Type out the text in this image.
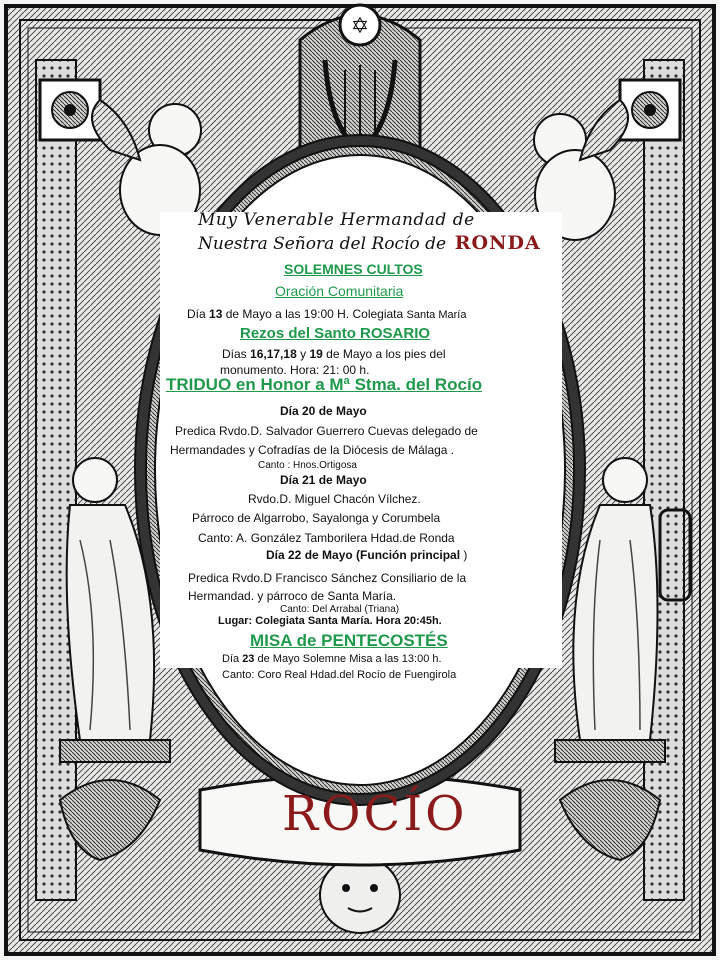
✡
Muy Venerable Hermandad de
Nuestra Señora del Rocío de RONDA
SOLEMNES CULTOS
Oración Comunitaria
Día 13 de Mayo a las 19:00 H. Colegiata Santa María
Rezos del Santo ROSARIO
Días 16,17,18 y 19 de Mayo a los pies del
monumento. Hora: 21: 00 h.
TRIDUO en Honor a Mª Stma. del Rocío
Día 20 de Mayo
Predica Rvdo.D. Salvador Guerrero Cuevas delegado de
Hermandades y Cofradías de la Diócesis de Málaga .
Canto : Hnos.Ortigosa
Día 21 de Mayo
Rvdo.D. Miguel Chacón Vílchez.
Párroco de Algarrobo, Sayalonga y Corumbela
Canto: A. González Tamborilera Hdad.de Ronda
Día 22 de Mayo (Función principal )
Predica Rvdo.D Francisco Sánchez Consiliario de la
Hermandad. y párroco de Santa María.
Canto: Del Arrabal (Triana)
Lugar: Colegiata Santa María. Hora 20:45h.
MISA de PENTECOSTÉS
Día 23 de Mayo Solemne Misa a las 13:00 h.
Canto: Coro Real Hdad.del Rocío de Fuengirola
ROCÍO
